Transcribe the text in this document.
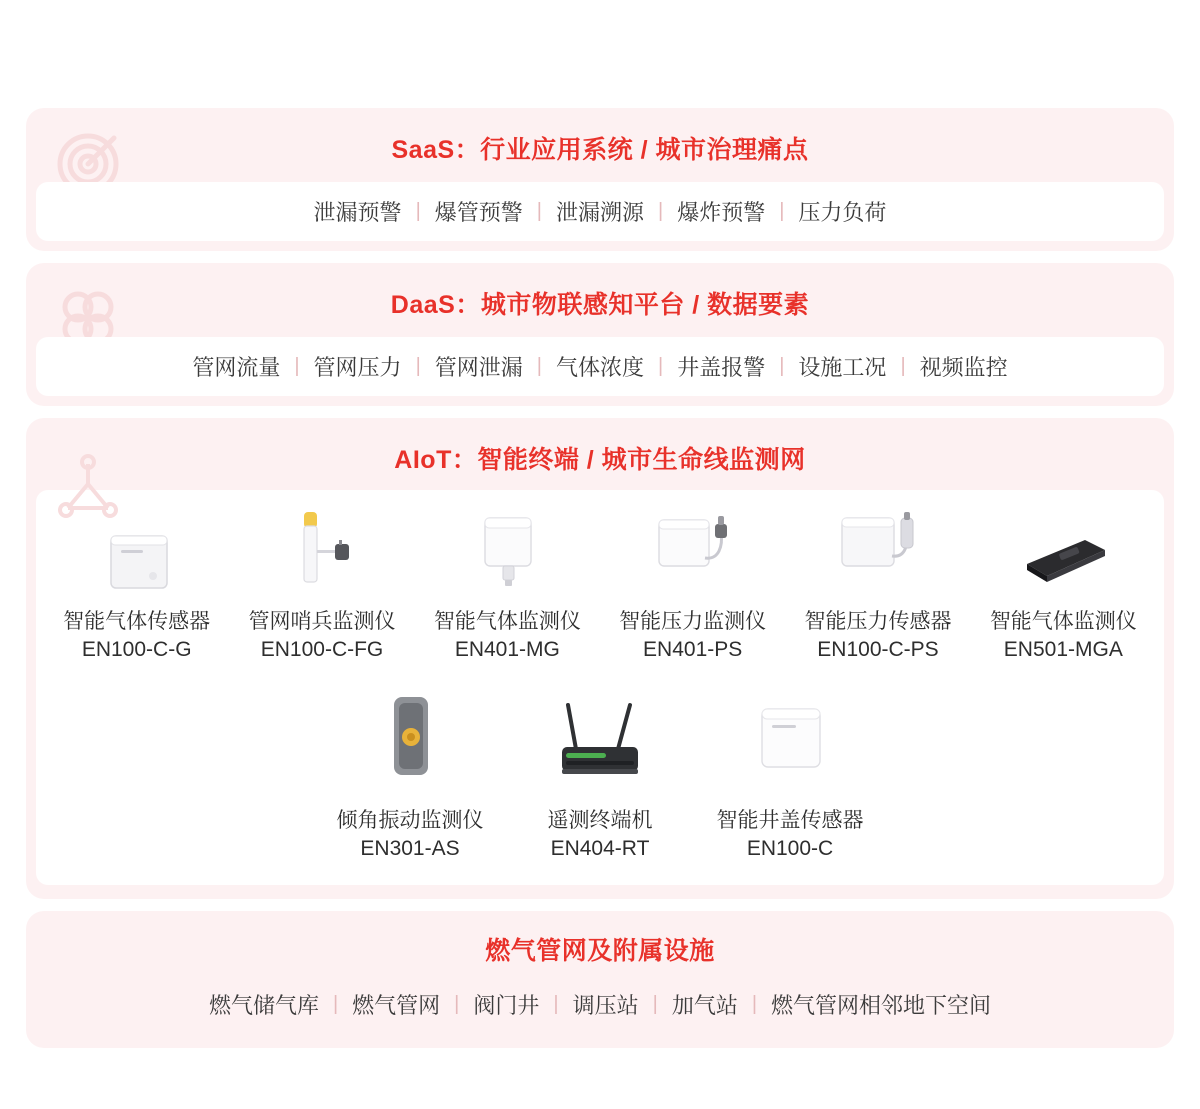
SaaS：行业应用系统 / 城市治理痛点
泄漏预警 | 爆管预警 | 泄漏溯源 | 爆炸预警 | 压力负荷
DaaS：城市物联感知平台 / 数据要素
管网流量 | 管网压力 | 管网泄漏 | 气体浓度 | 井盖报警 | 设施工况 | 视频监控
AIoT：智能终端 / 城市生命线监测网
智能气体传感器
EN100-C-G
管网哨兵监测仪
EN100-C-FG
智能气体监测仪
EN401-MG
智能压力监测仪
EN401-PS
智能压力传感器
EN100-C-PS
智能气体监测仪
EN501-MGA
倾角振动监测仪
EN301-AS
遥测终端机
EN404-RT
智能井盖传感器
EN100-C
燃气管网及附属设施
燃气储气库 | 燃气管网 | 阀门井 | 调压站 | 加气站 | 燃气管网相邻地下空间
